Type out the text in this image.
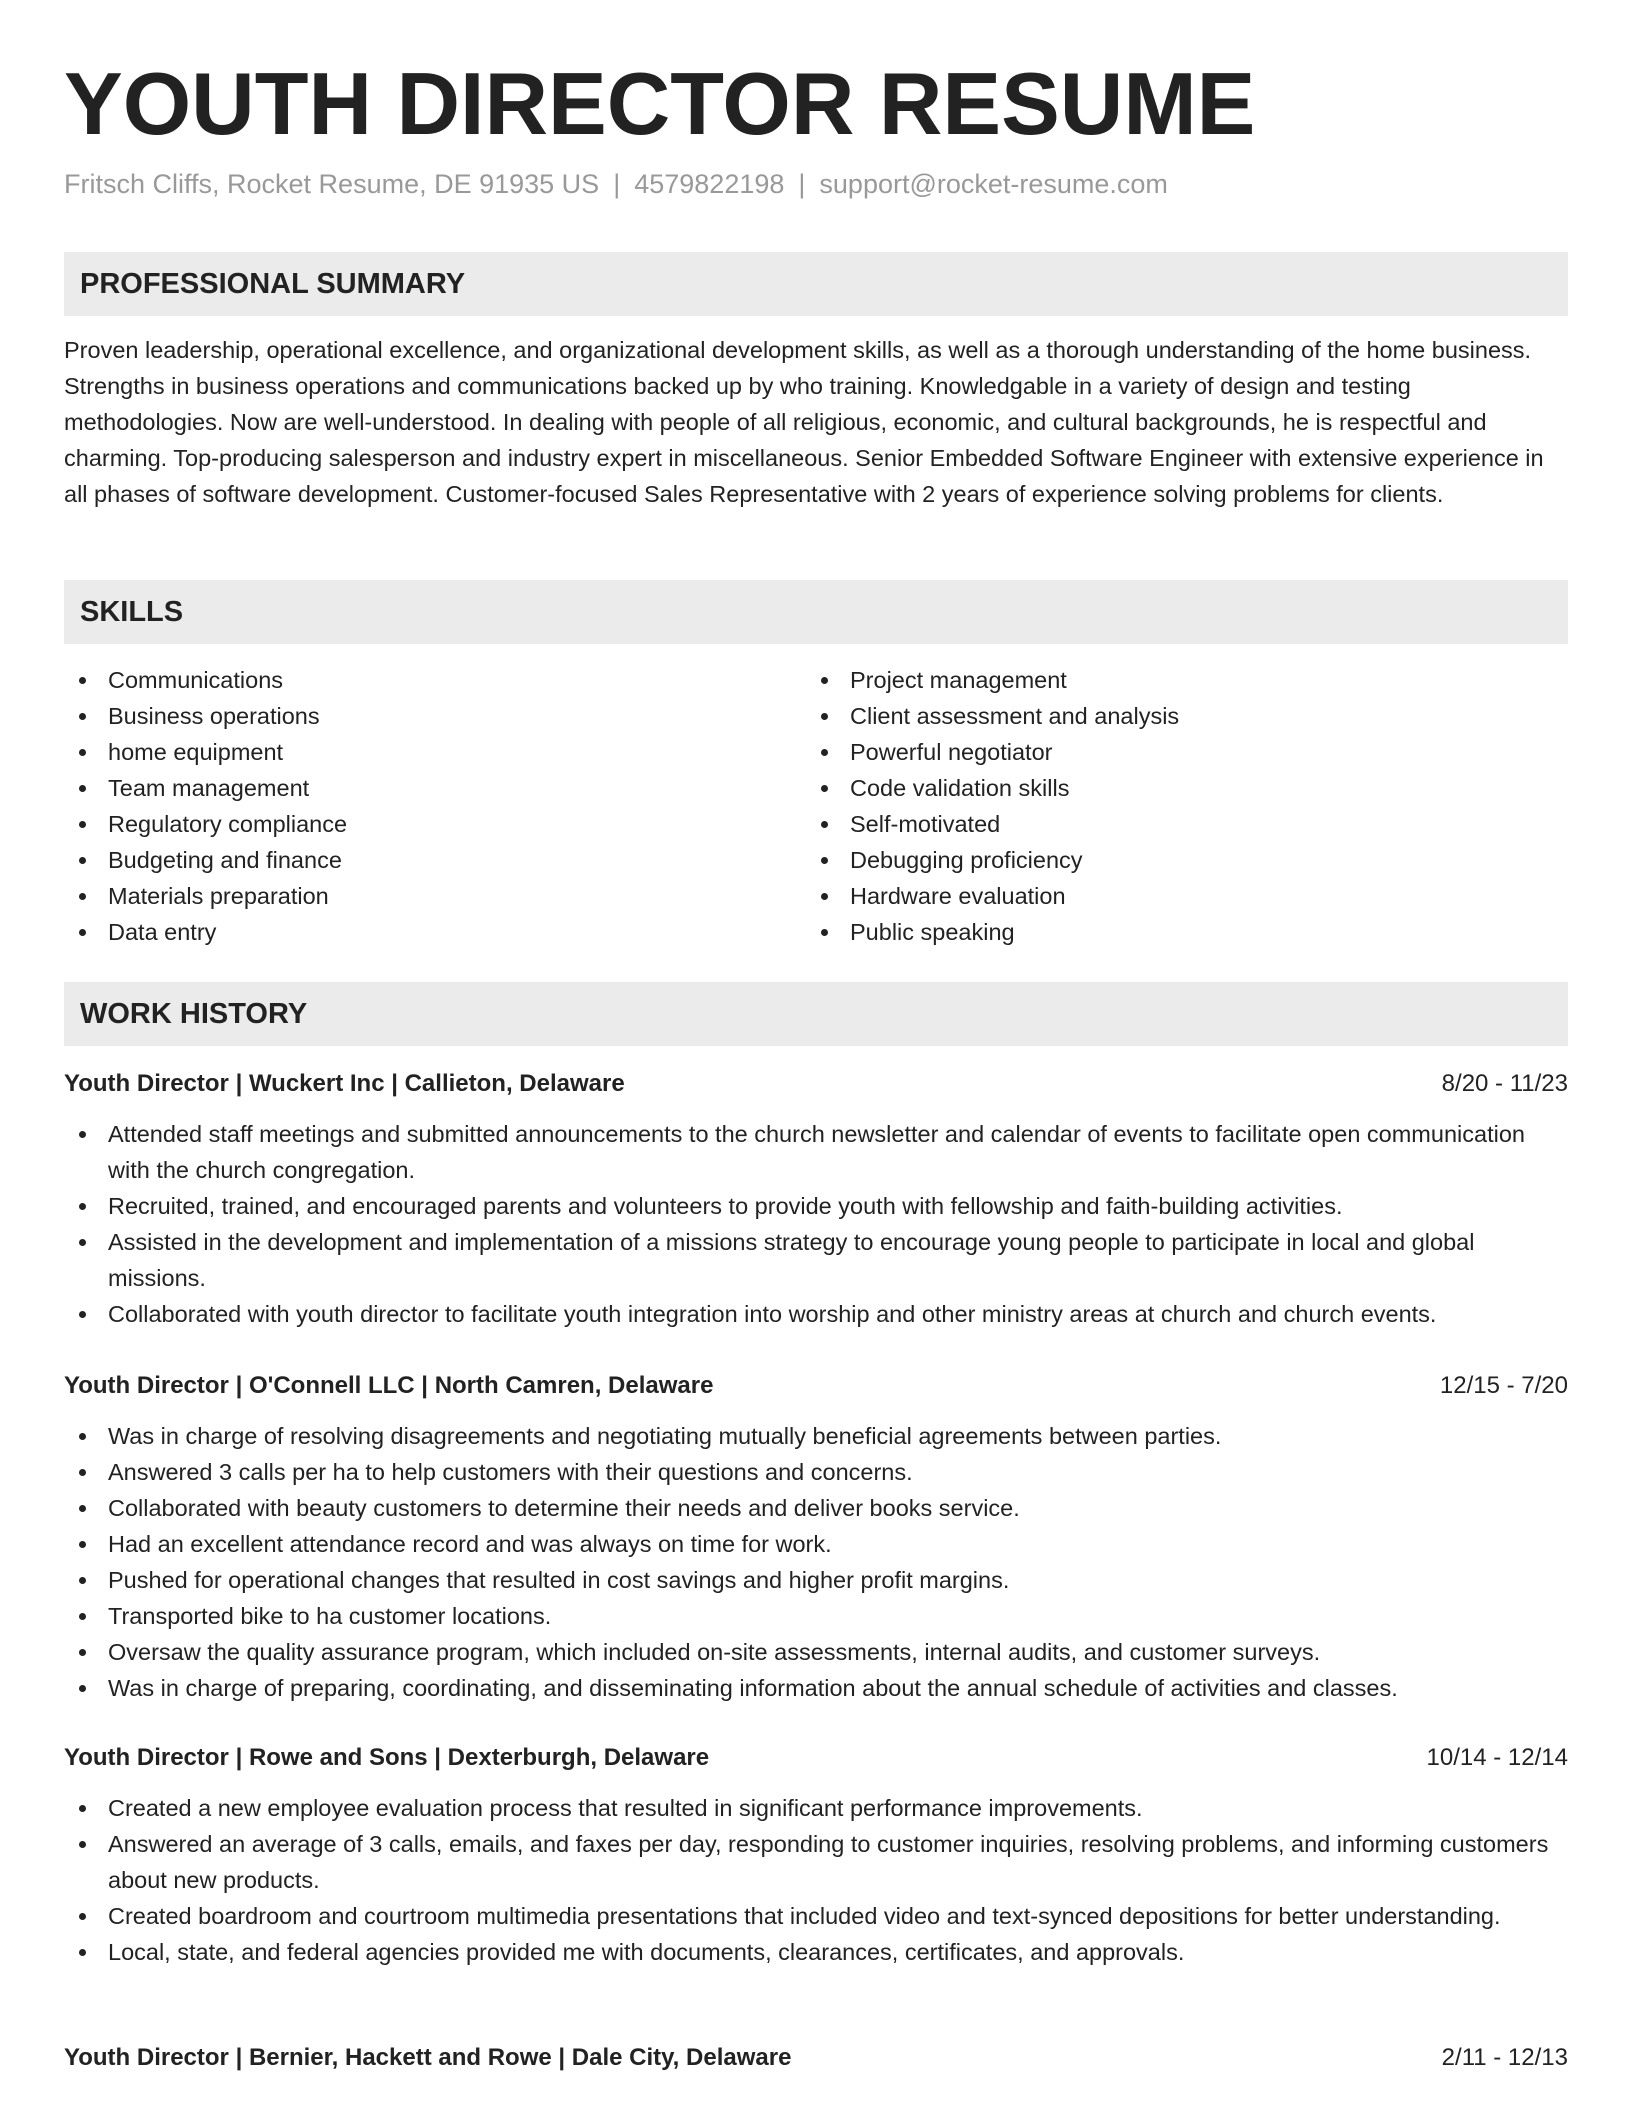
YOUTH DIRECTOR RESUME
Fritsch Cliffs, Rocket Resume, DE 91935 US | 4579822198 | support@rocket-resume.com
PROFESSIONAL SUMMARY

Proven leadership, operational excellence, and organizational development skills, as well as a thorough understanding of the home business. Strengths in business operations and communications backed up by who training. Knowledgable in a variety of design and testing methodologies. Now are well-understood. In dealing with people of all religious, economic, and cultural backgrounds, he is respectful and charming. Top-producing salesperson and industry expert in miscellaneous. Senior Embedded Software Engineer with extensive experience in all phases of software development. Customer-focused Sales Representative with 2 years of experience solving problems for clients.

SKILLS
Communications
Business operations
home equipment
Team management
Regulatory compliance
Budgeting and finance
Materials preparation
Data entry
Project management
Client assessment and analysis
Powerful negotiator
Code validation skills
Self-motivated
Debugging proficiency
Hardware evaluation
Public speaking
WORK HISTORY
Youth Director | Wuckert Inc | Callieton, Delaware	8/20 - 11/23
Attended staff meetings and submitted announcements to the church newsletter and calendar of events to facilitate open communication with the church congregation.
Recruited, trained, and encouraged parents and volunteers to provide youth with fellowship and faith-building activities.
Assisted in the development and implementation of a missions strategy to encourage young people to participate in local and global missions.
Collaborated with youth director to facilitate youth integration into worship and other ministry areas at church and church events.
Youth Director | O'Connell LLC | North Camren, Delaware	12/15 - 7/20
Was in charge of resolving disagreements and negotiating mutually beneficial agreements between parties.
Answered 3 calls per ha to help customers with their questions and concerns.
Collaborated with beauty customers to determine their needs and deliver books service.
Had an excellent attendance record and was always on time for work.
Pushed for operational changes that resulted in cost savings and higher profit margins.
Transported bike to ha customer locations.
Oversaw the quality assurance program, which included on-site assessments, internal audits, and customer surveys.
Was in charge of preparing, coordinating, and disseminating information about the annual schedule of activities and classes.
Youth Director | Rowe and Sons | Dexterburgh, Delaware	10/14 - 12/14
Created a new employee evaluation process that resulted in significant performance improvements.
Answered an average of 3 calls, emails, and faxes per day, responding to customer inquiries, resolving problems, and informing customers about new products.
Created boardroom and courtroom multimedia presentations that included video and text-synced depositions for better understanding.
Local, state, and federal agencies provided me with documents, clearances, certificates, and approvals.
Youth Director | Bernier, Hackett and Rowe | Dale City, Delaware	2/11 - 12/13
